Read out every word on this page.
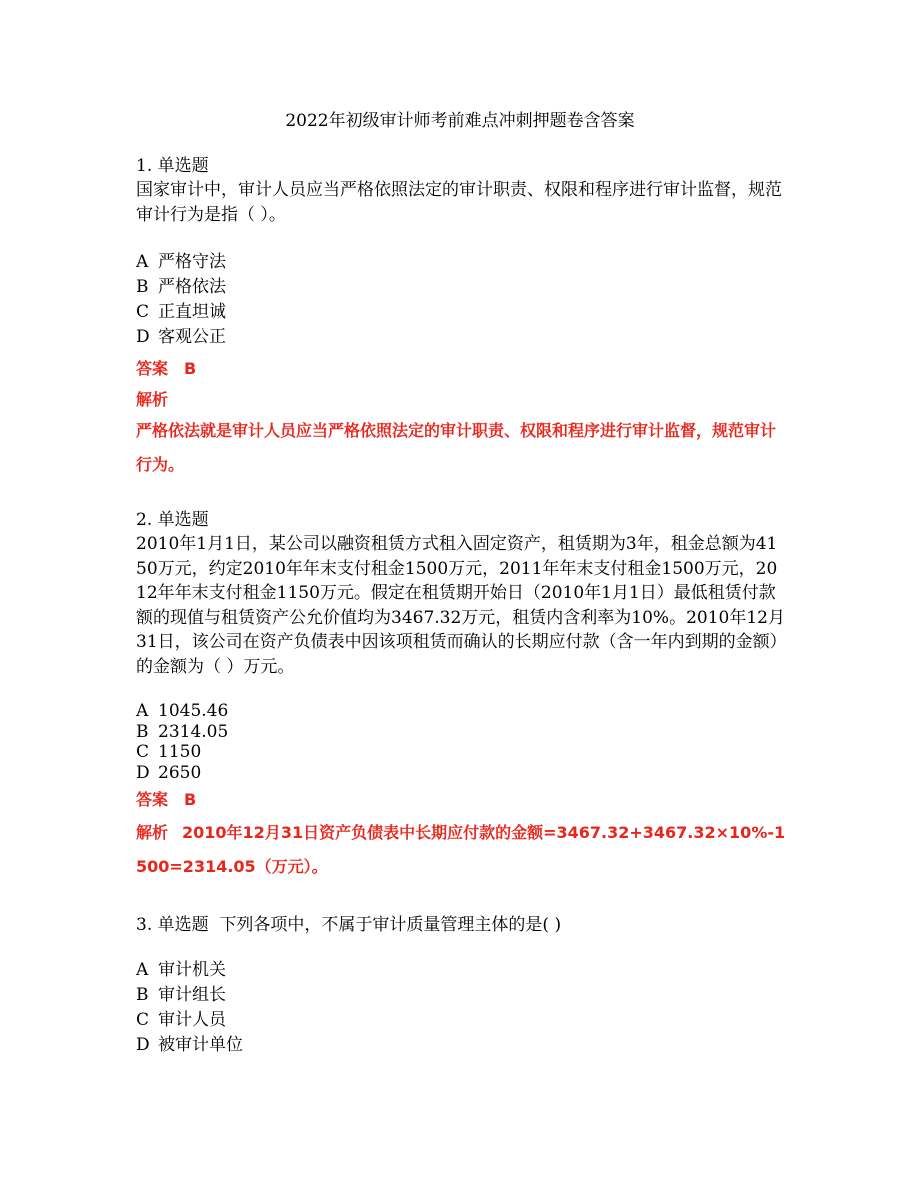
2022年初级审计师考前难点冲刺押题卷含答案
1. 单选题
国家审计中，审计人员应当严格依照法定的审计职责、权限和程序进行审计监督，规范审计行为是指（ ）。
A 严格守法
B 严格依法
C 正直坦诚
D 客观公正
答案 B
解析
严格依法就是审计人员应当严格依照法定的审计职责、权限和程序进行审计监督，规范审计行为。
2. 单选题
2010年1月1日，某公司以融资租赁方式租入固定资产，租赁期为3年，租金总额为4150万元，约定2010年年末支付租金1500万元，2011年年末支付租金1500万元，2012年年末支付租金1150万元。假定在租赁期开始日（2010年1月1日）最低租赁付款额的现值与租赁资产公允价值均为3467.32万元，租赁内含利率为10%。2010年12月31日，该公司在资产负债表中因该项租赁而确认的长期应付款（含一年内到期的金额）的金额为（ ）万元。
A 1045.46
B 2314.05
C 1150
D 2650
答案 B
解析 2010年12月31日资产负债表中长期应付款的金额=3467.32+3467.32×10%-1500=2314.05（万元）。
3. 单选题 下列各项中，不属于审计质量管理主体的是( )
A 审计机关
B 审计组长
C 审计人员
D 被审计单位
